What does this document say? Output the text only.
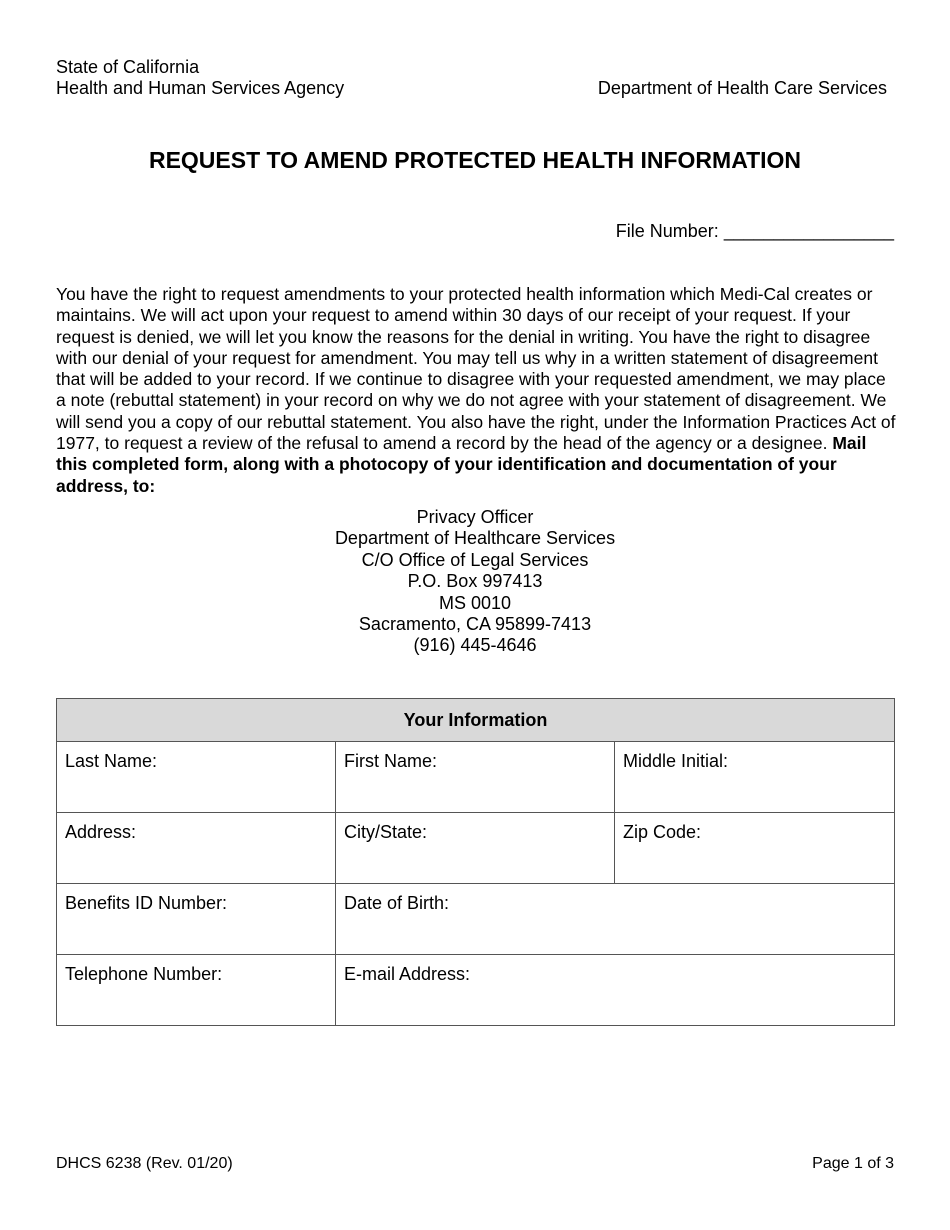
State of California
Health and Human Services Agency	Department of Health Care Services
REQUEST TO AMEND PROTECTED HEALTH INFORMATION
File Number: _________________
You have the right to request amendments to your protected health information which Medi-Cal creates or maintains. We will act upon your request to amend within 30 days of our receipt of your request. If your request is denied, we will let you know the reasons for the denial in writing. You have the right to disagree with our denial of your request for amendment. You may tell us why in a written statement of disagreement that will be added to your record. If we continue to disagree with your requested amendment, we may place a note (rebuttal statement) in your record on why we do not agree with your statement of disagreement. We will send you a copy of our rebuttal statement. You also have the right, under the Information Practices Act of 1977, to request a review of the refusal to amend a record by the head of the agency or a designee. Mail this completed form, along with a photocopy of your identification and documentation of your address, to:
Privacy Officer
Department of Healthcare Services
C/O Office of Legal Services
P.O. Box 997413
MS 0010
Sacramento, CA 95899-7413
(916) 445-4646
Your Information		
Last Name:	First Name:	Middle Initial:
Address:	City/State:	Zip Code:
Benefits ID Number:	Date of Birth:	
Telephone Number:	E-mail Address:	
DHCS 6238 (Rev. 01/20)	Page 1 of 3
